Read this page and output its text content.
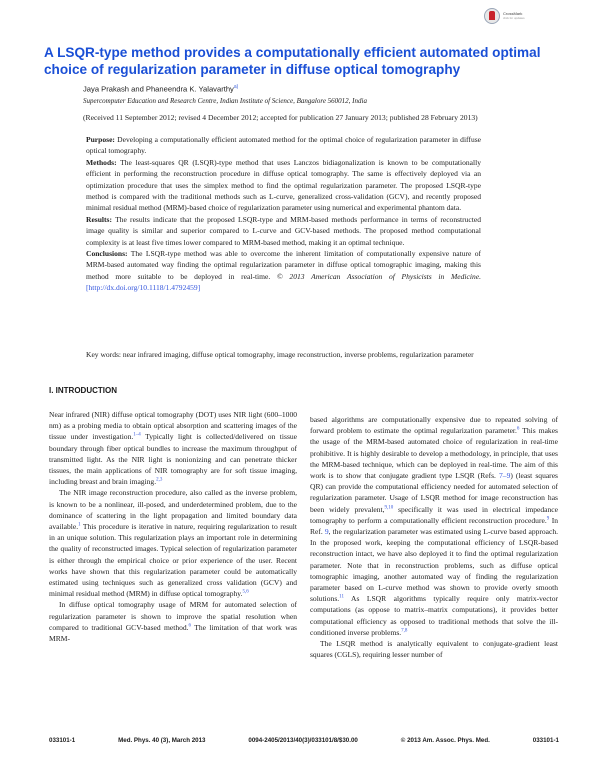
CrossMark
click for updates
A LSQR-type method provides a computationally efficient automated optimal choice of regularization parameter in diffuse optical tomography
Jaya Prakash and Phaneendra K. Yalavarthy$^{a)}$
Supercomputer Education and Research Centre, Indian Institute of Science, Bangalore 560012, India
(Received 11 September 2012; revised 4 December 2012; accepted for publication 27 January 2013; published 28 February 2013)

Purpose: Developing a computationally efficient automated method for the optimal choice of regularization parameter in diffuse optical tomography.

Methods: The least-squares QR (LSQR)-type method that uses Lanczos bidiagonalization is known to be computationally efficient in performing the reconstruction procedure in diffuse optical tomography. The same is effectively deployed via an optimization procedure that uses the simplex method to find the optimal regularization parameter. The proposed LSQR-type method is compared with the traditional methods such as L-curve, generalized cross-validation (GCV), and recently proposed minimal residual method (MRM)-based choice of regularization parameter using numerical and experimental phantom data.

Results: The results indicate that the proposed LSQR-type and MRM-based methods performance in terms of reconstructed image quality is similar and superior compared to L-curve and GCV-based methods. The proposed method computational complexity is at least five times lower compared to MRM-based method, making it an optimal technique.

Conclusions: The LSQR-type method was able to overcome the inherent limitation of computationally expensive nature of MRM-based automated way finding the optimal regularization parameter in diffuse optical tomographic imaging, making this method more suitable to be deployed in real-time. © 2013 American Association of Physicists in Medicine. [http://dx.doi.org/10.1118/1.4792459]

Key words: near infrared imaging, diffuse optical tomography, image reconstruction, inverse problems, regularization parameter
I. INTRODUCTION

Near infrared (NIR) diffuse optical tomography (DOT) uses NIR light (600–1000 nm) as a probing media to obtain optical absorption and scattering images of the tissue under investigation.$^{1-4}$ Typically light is collected/delivered on tissue boundary through fiber optical bundles to increase the maximum throughput of transmitted light. As the NIR light is nonionizing and can penetrate thicker tissues, the main applications of NIR tomography are for soft tissue imaging, including breast and brain imaging.$^{2,3}$

The NIR image reconstruction procedure, also called as the inverse problem, is known to be a nonlinear, ill-posed, and underdetermined problem, due to the dominance of scattering in the light propagation and limited boundary data available.$^1$ This procedure is iterative in nature, requiring regularization to result in an unique solution. This regularization plays an important role in determining the quality of reconstructed images. Typical selection of regularization parameter is either through the empirical choice or prior experience of the user. Recent works have shown that this regularization parameter could be automatically estimated using techniques such as generalized cross validation (GCV) and minimal residual method (MRM) in diffuse optical tomography.$^{5,6}$

In diffuse optical tomography usage of MRM for automated selection of regularization parameter is shown to improve the spatial resolution when compared to traditional GCV-based method.$^6$ The limitation of that work was MRM-

based algorithms are computationally expensive due to repeated solving of forward problem to estimate the optimal regularization parameter.$^6$ This makes the usage of the MRM-based automated choice of regularization in real-time prohibitive. It is highly desirable to develop a methodology, in principle, that uses the MRM-based technique, which can be deployed in real-time. The aim of this work is to show that conjugate gradient type LSQR (Refs. 7–9) (least squares QR) can provide the computational efficiency needed for automated selection of regularization parameter. Usage of LSQR method for image reconstruction has been widely prevalent,$^{9,10}$ specifically it was used in electrical impedance tomography to perform a computationally efficient reconstruction procedure.$^9$ In Ref. 9, the regularization parameter was estimated using L-curve based approach. In the proposed work, keeping the computational efficiency of LSQR-based reconstruction intact, we have also deployed it to find the optimal regularization parameter. Note that in reconstruction problems, such as diffuse optical tomographic imaging, another automated way of finding the regularization parameter based on L-curve method was shown to provide overly smooth solutions.$^{11}$ As LSQR algorithms typically require only matrix-vector computations (as oppose to matrix–matrix computations), it provides better computational efficiency as opposed to traditional methods that solve the ill-conditioned inverse problems.$^{7,8}$

The LSQR method is analytically equivalent to conjugate-gradient least squares (CGLS), requiring lesser number of

033101-1	Med. Phys. 40 (3), March 2013	0094-2405/2013/40(3)/033101/8/$30.00	© 2013 Am. Assoc. Phys. Med.	033101-1
